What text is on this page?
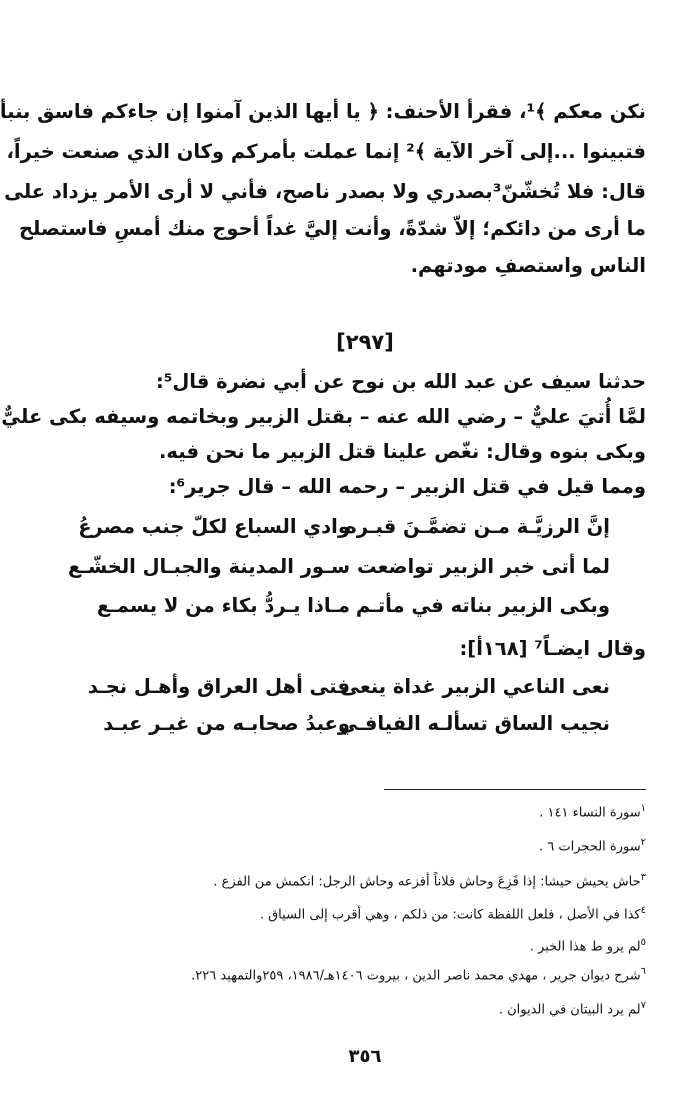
نكن معكم ﴾¹، فقرأ الأحنف: ﴿ يا أيها الذين آمنوا إن جاءكم فاسق بنبأ
فتبينوا ...إلى آخر الآية ﴾² إنما عملت بأمركم وكان الذي صنعت خيراً،
قال: فلا تُخشّنّ³بصدري ولا بصدر ناصح، فأني لا أرى الأمر يزداد على
ما أرى من دائكم؛ إلاّ شدّةً، وأنت إليَّ غداً أحوج منك أمسِ فاستصلح
الناس واستصفِ مودتهم.
[٢٩٧]
حدثنا سيف عن عبد الله بن نوح عن أبي نضرة قال⁵:
لمَّا أُتيَ عليٌّ – رضي الله عنه – بقتل الزبير وبخاتمه وسيفه بكى عليٌّ
وبكى بنوه وقال: نغّص علينا قتل الزبير ما نحن فيه.
ومما قيل في قتل الزبير – رحمه الله – قال جرير⁶:
إنَّ الرزيَّـة مـن تضمَّـنَ قبـره
وادي السباع لكلّ جنب مصرعُ
لما أتى خبر الزبير تواضعت
سـور المدينة والجبـال الخشّـع
وبكى الزبير بناته في مأتـم
مـاذا يـردُّ بكاء من لا يسمـع
وقال ايضـاً⁷ [١٦٨أ]:
نعى الناعي الزبير غداة ينعى
فتى أهل العراق وأهـل نجـد
نجيب الساق تسألـه الفيافـي
وعبدُ صحابـه من غيـر عبـد
$^١$سورة النساء ١٤١ .
$^٢$سورة الحجرات ٦ .
$^٣$حاش يحيش حيشا: إذا فَزِعَ وحاش فلاناً أفزعه وحاش الرجل: انكمش من الفزع .
$^٤$كذا في الأصل ، فلعل اللفظة كانت: من ذلكم ، وهي أقرب إلى السياق .
$^٥$لم يرو ط هذا الخبر .
$^٦$شرح ديوان جرير ، مهدي محمد ناصر الدين ، بيروت ١٤٠٦هـ/١٩٨٦، ٢٥٩والتمهيد ٢٢٦.
$^٧$لم يرد البيتان في الديوان .
٣٥٦
